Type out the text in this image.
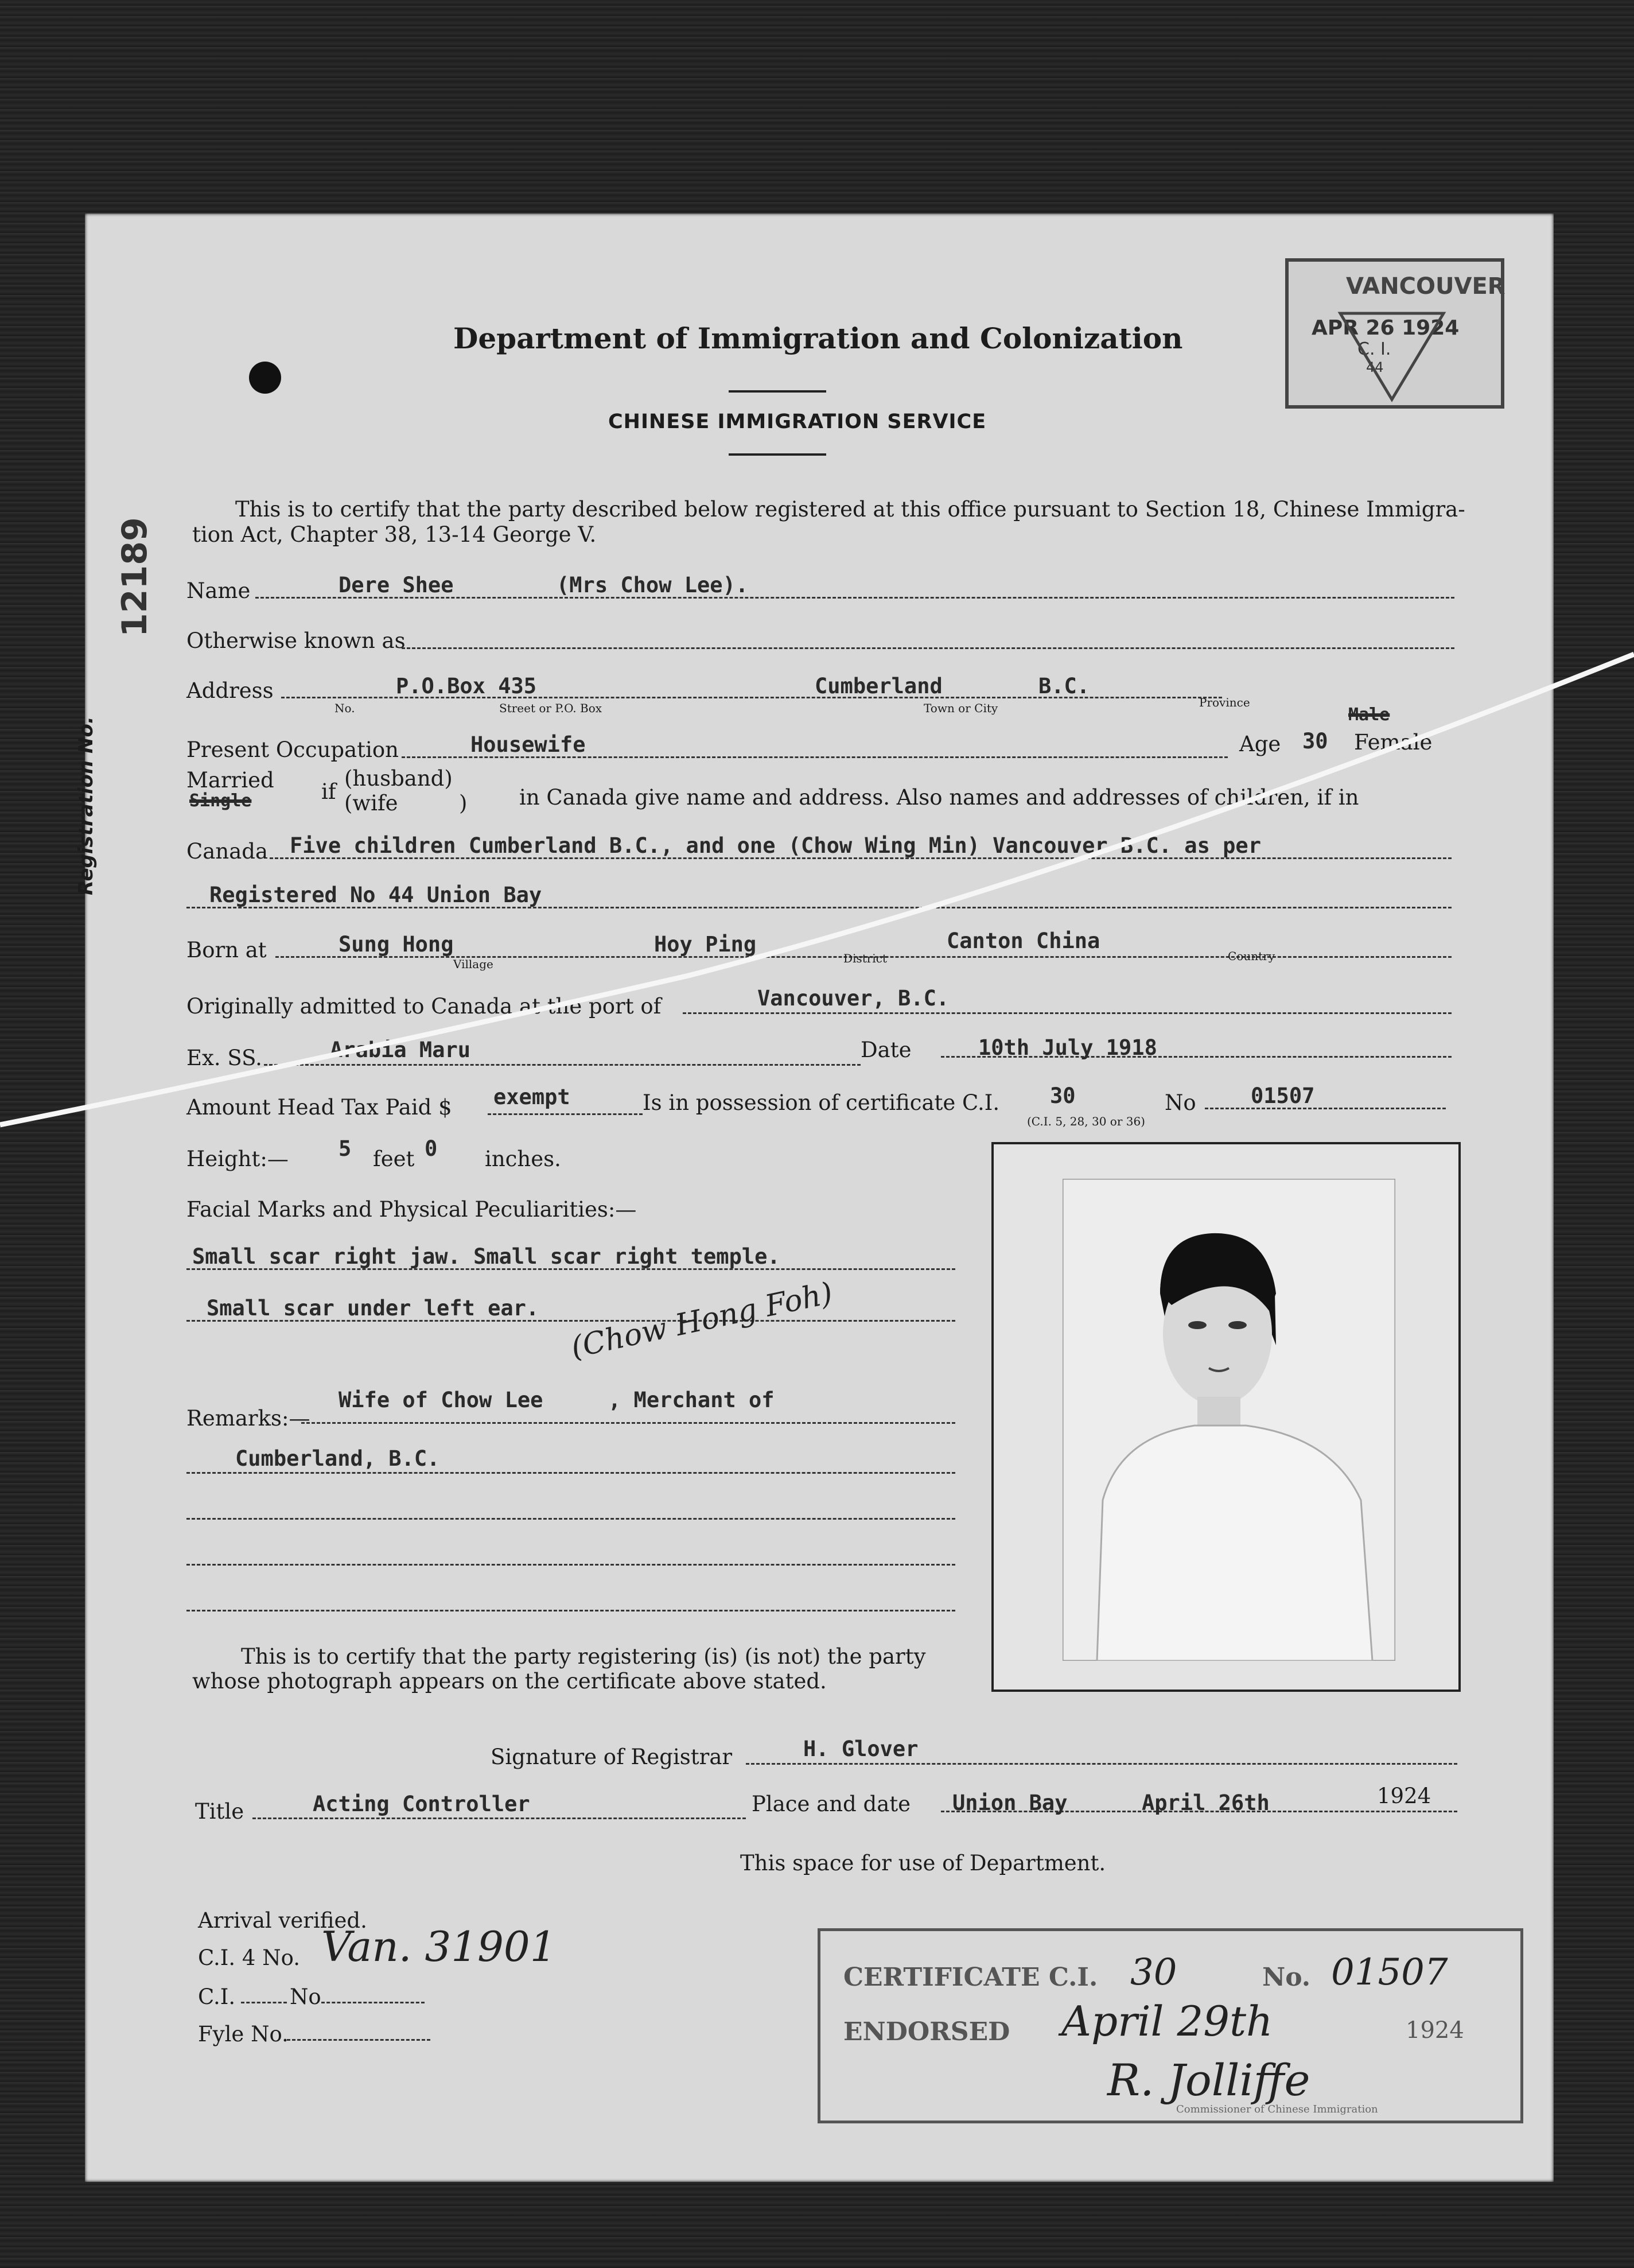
Department of Immigration and Colonization
CHINESE IMMIGRATION SERVICE
VANCOUVER
APR 26 1924
C. I.
44
Registration No.
12189
This is to certify that the party described below registered at this office pursuant to Section 18, Chinese Immigra-
tion Act, Chapter 38, 13-14 George V.
Name	Dere Shee	(Mrs Chow Lee).
Otherwise known as
Address	P.O.Box 435	Cumberland	B.C.
No.	Street or P.O. Box	Town or City	Province
Present Occupation	Housewife	Age 30
Male
Female
Married
Single	if
(husband)
(wife	) in Canada give name and address. Also names and addresses of children, if in
Canada Five children Cumberland B.C., and one (Chow Wing Min) Vancouver B.C. as per
Registered No 44 Union Bay
Born at	Sung Hong	Hoy Ping	Canton China
Village	District	Country
Originally admitted to Canada at the port of	Vancouver, B.C.
Ex. SS.	Arabia Maru	Date	10th July 1918
Amount Head Tax Paid $ exempt	Is in possession of certificate C.I. 30	No	01507
(C.I. 5, 28, 30 or 36)
Height:— 5 feet 0 inches.
Facial Marks and Physical Peculiarities:—
Small scar right jaw. Small scar right temple.
Small scar under left ear. (Chow Hong Foh)
Remarks:—
Wife of Chow Lee	, Merchant of
Cumberland, B.C.
This is to certify that the party registering (is) (is not) the party
whose photograph appears on the certificate above stated.
Signature of Registrar	H. Glover
Title	Acting Controller	Place and date Union Bay	April 26th	1924
This space for use of Department.
Arrival verified.
C.I. 4 No. Van. 31901
C.I.	No
Fyle No.
CERTIFICATE C.I. 30	No. 01507
ENDORSED April 29th	1924
R. Jolliffe
Commissioner of Chinese Immigration
